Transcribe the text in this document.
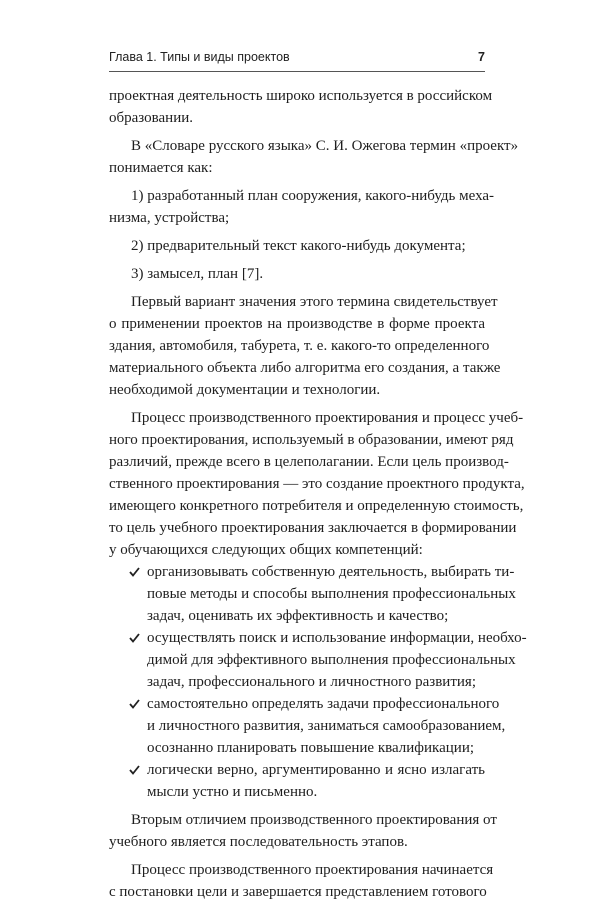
Глава 1. Типы и виды проектов	7
проектная деятельность широко используется в российском
образовании.
В «Словаре русского языка» С. И. Ожегова термин «проект»
понимается как:
1) разработанный план сооружения, какого-нибудь меха-
низма, устройства;
2) предварительный текст какого-нибудь документа;
3) замысел, план [7].
Первый вариант значения этого термина свидетельствует
о применении проектов на производстве в форме проекта
здания, автомобиля, табурета, т. е. какого-то определенного
материального объекта либо алгоритма его создания, а также
необходимой документации и технологии.
Процесс производственного проектирования и процесс учеб-
ного проектирования, используемый в образовании, имеют ряд
различий, прежде всего в целеполагании. Если цель производ-
ственного проектирования — это создание проектного продукта,
имеющего конкретного потребителя и определенную стоимость,
то цель учебного проектирования заключается в формировании
у обучающихся следующих общих компетенций:
организовывать собственную деятельность, выбирать ти-
повые методы и способы выполнения профессиональных
задач, оценивать их эффективность и качество;
осуществлять поиск и использование информации, необхо-
димой для эффективного выполнения профессиональных
задач, профессионального и личностного развития;
самостоятельно определять задачи профессионального
и личностного развития, заниматься самообразованием,
осознанно планировать повышение квалификации;
логически верно, аргументированно и ясно излагать
мысли устно и письменно.
Вторым отличием производственного проектирования от
учебного является последовательность этапов.
Процесс производственного проектирования начинается
с постановки цели и завершается представлением готового
